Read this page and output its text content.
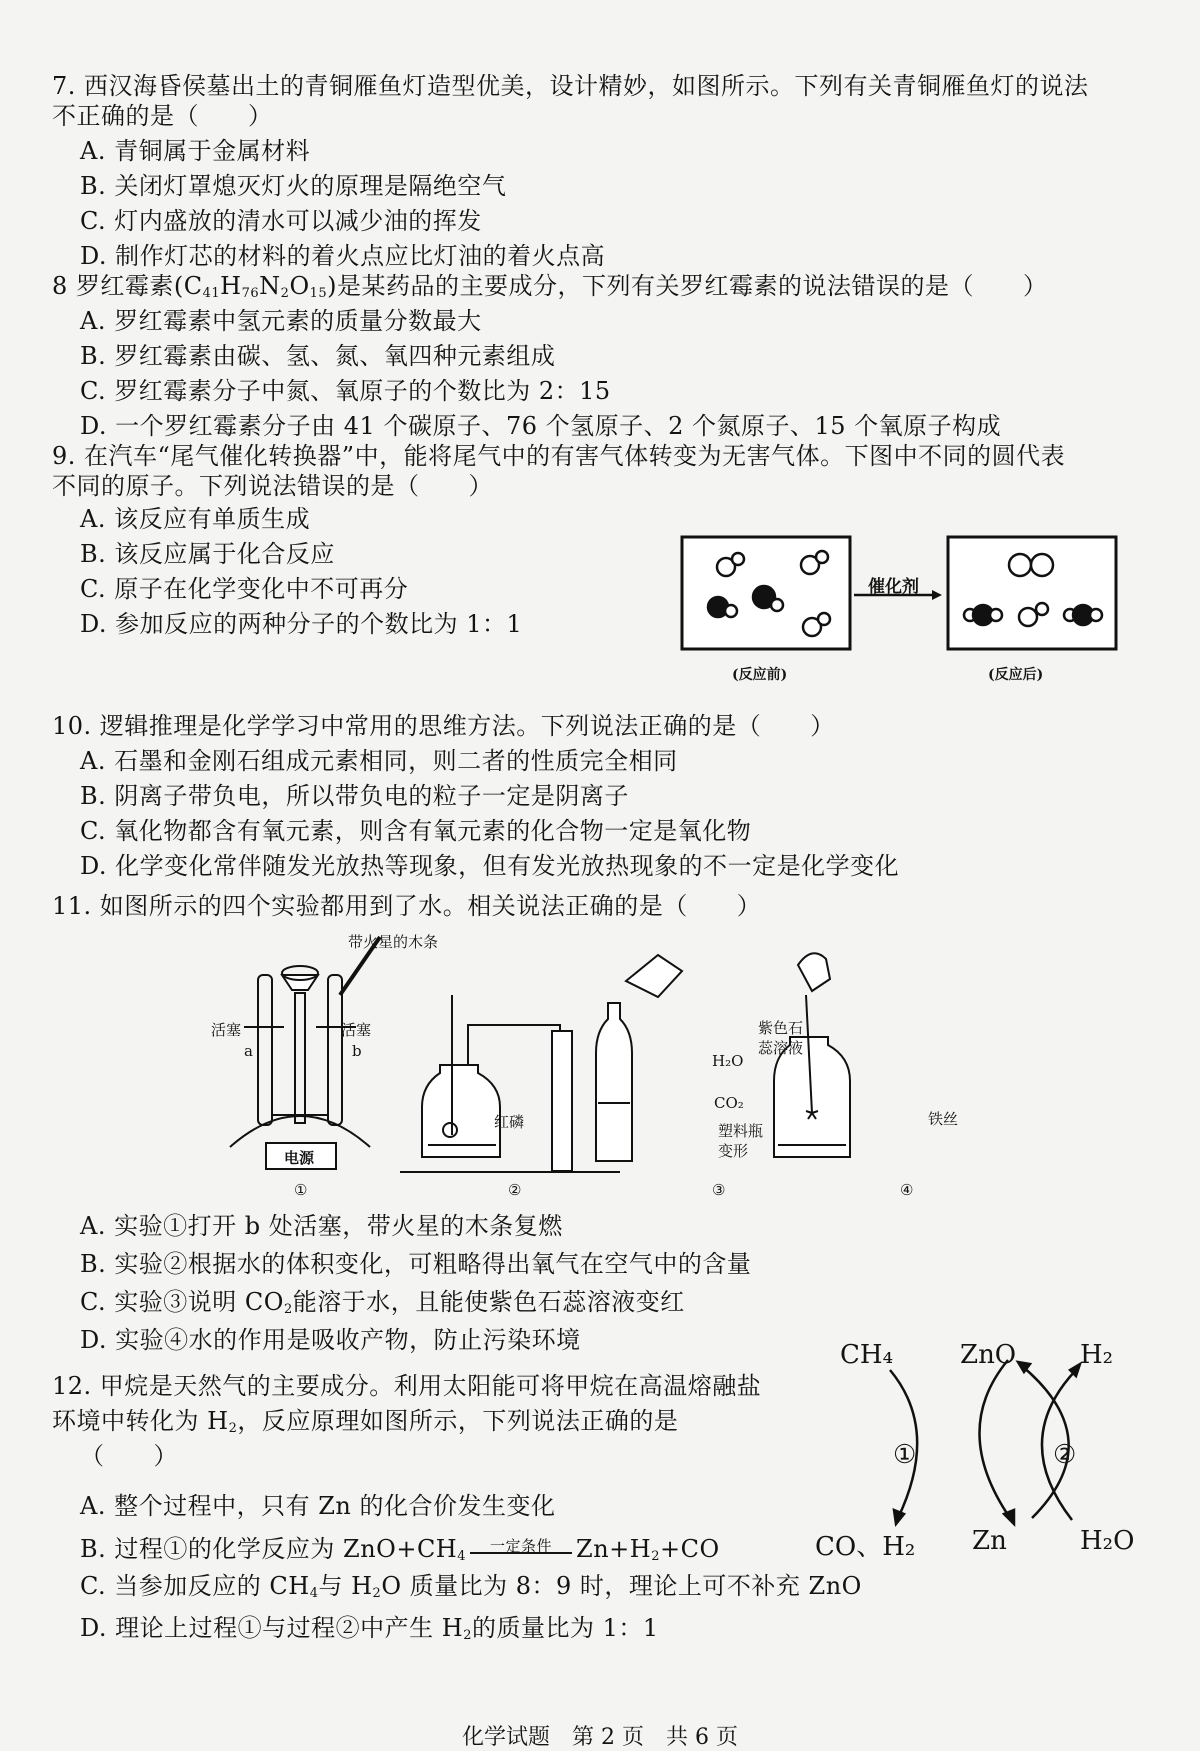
7. 西汉海昏侯墓出土的青铜雁鱼灯造型优美，设计精妙，如图所示。下列有关青铜雁鱼灯的说法
不正确的是（　　）
A. 青铜属于金属材料
B. 关闭灯罩熄灭灯火的原理是隔绝空气
C. 灯内盛放的清水可以减少油的挥发
D. 制作灯芯的材料的着火点应比灯油的着火点高
8 罗红霉素$(C_{41}H_{76}N_2O_{15})$是某药品的主要成分，下列有关罗红霉素的说法错误的是（　　）
A. 罗红霉素中氢元素的质量分数最大
B. 罗红霉素由碳、氢、氮、氧四种元素组成
C. 罗红霉素分子中氮、氧原子的个数比为 2：15
D. 一个罗红霉素分子由 41 个碳原子、76 个氢原子、2 个氮原子、15 个氧原子构成
9. 在汽车“尾气催化转换器”中，能将尾气中的有害气体转变为无害气体。下图中不同的圆代表
不同的原子。下列说法错误的是（　　）
A. 该反应有单质生成
B. 该反应属于化合反应
C. 原子在化学变化中不可再分
D. 参加反应的两种分子的个数比为 1：1
催化剂
(反应前)	(反应后)
10. 逻辑推理是化学学习中常用的思维方法。下列说法正确的是（　　）
A. 石墨和金刚石组成元素相同，则二者的性质完全相同
B. 阴离子带负电，所以带负电的粒子一定是阴离子
C. 氧化物都含有氧元素，则含有氧元素的化合物一定是氧化物
D. 化学变化常伴随发光放热等现象，但有发光放热现象的不一定是化学变化
11. 如图所示的四个实验都用到了水。相关说法正确的是（　　）
带火星的木条
活塞	活塞
a	b
电源
红磷
紫色石
蕊溶液
H₂O
CO₂
塑料瓶
变形
铁丝
①	②	③	④
A. 实验①打开 b 处活塞，带火星的木条复燃
B. 实验②根据水的体积变化，可粗略得出氧气在空气中的含量
C. 实验③说明 $CO_2$能溶于水，且能使紫色石蕊溶液变红
D. 实验④水的作用是吸收产物，防止污染环境
12. 甲烷是天然气的主要成分。利用太阳能可将甲烷在高温熔融盐
环境中转化为 $H_2$，反应原理如图所示，下列说法正确的是
（　　）
A. 整个过程中，只有 Zn 的化合价发生变化
B. 过程①的化学反应为 $ZnO+CH_4$一定条件 $Zn+H_2+CO$
C. 当参加反应的 $CH_4$与 $H_2O$ 质量比为 8：9 时，理论上可不补充 ZnO
D. 理论上过程①与过程②中产生 $H_2$的质量比为 1：1
CH₄	ZnO H₂
①	②
CO、H₂ Zn	H₂O
化学试题　第 2 页　共 6 页
